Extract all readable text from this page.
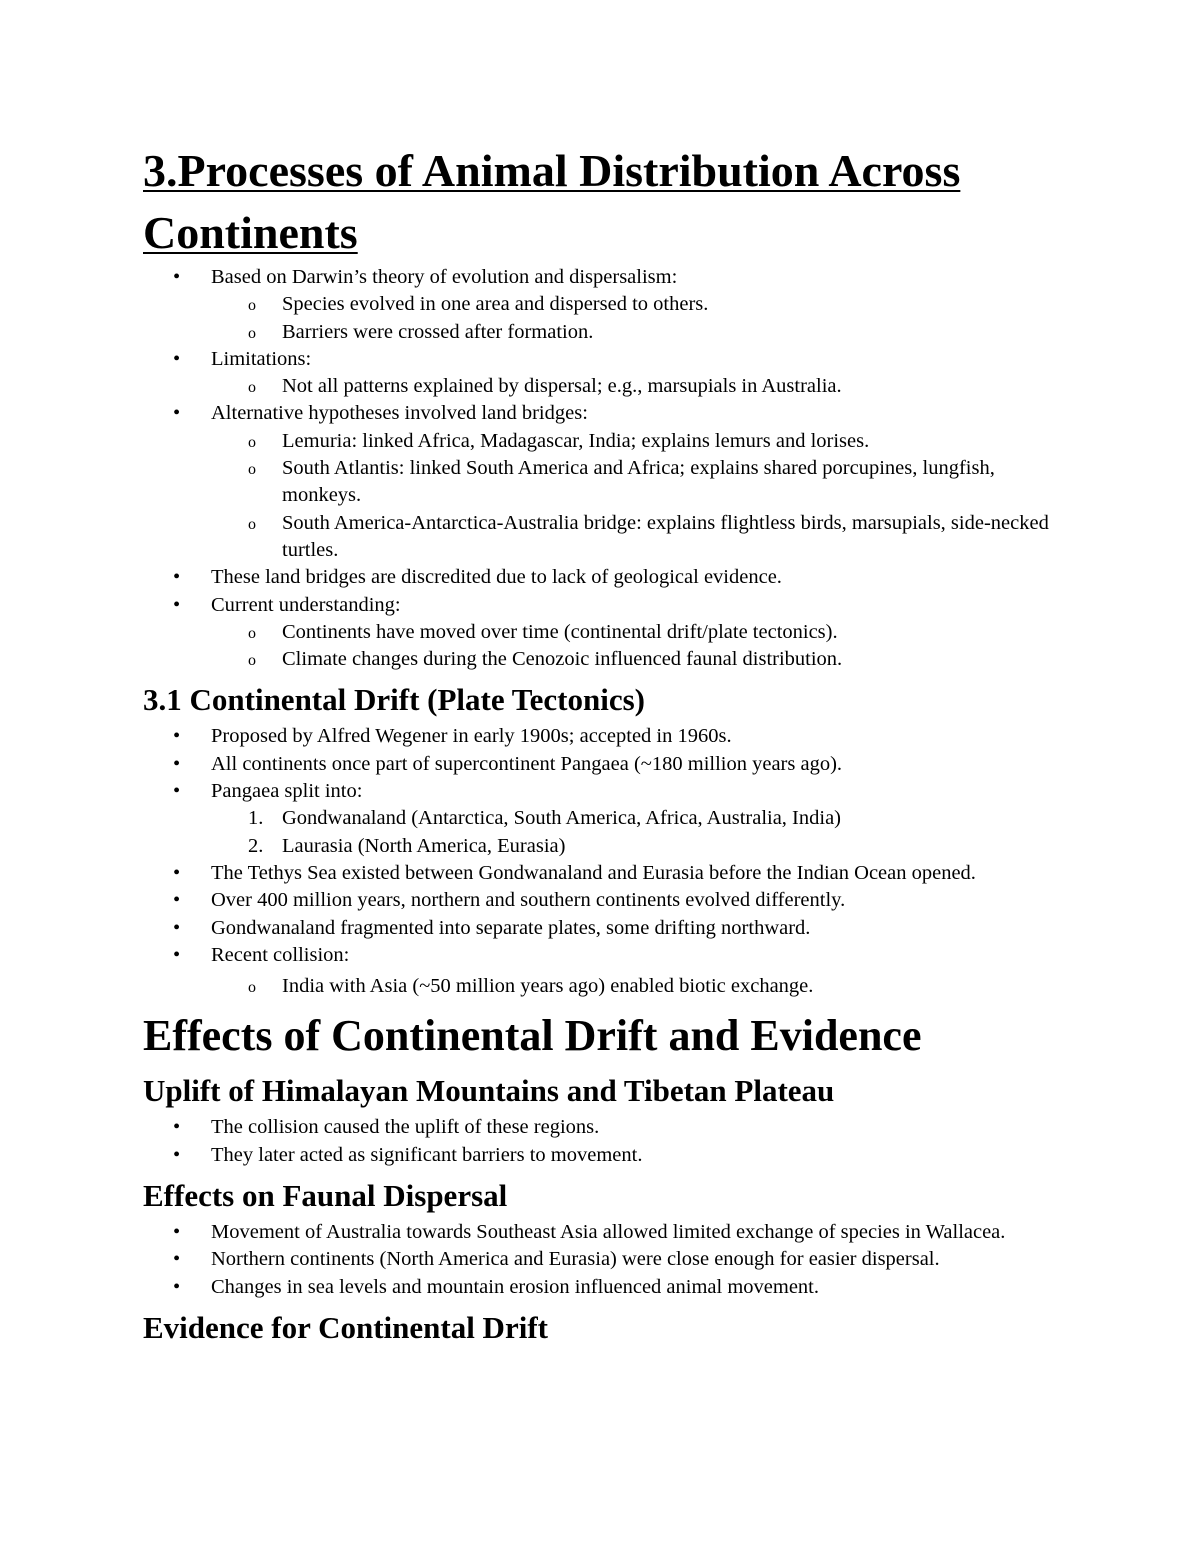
3.Processes of Animal Distribution Across Continents
• Based on Darwin’s theory of evolution and dispersalism:
o Species evolved in one area and dispersed to others.
o Barriers were crossed after formation.
• Limitations:
o Not all patterns explained by dispersal; e.g., marsupials in Australia.
• Alternative hypotheses involved land bridges:
o Lemuria: linked Africa, Madagascar, India; explains lemurs and lorises.
o South Atlantis: linked South America and Africa; explains shared porcupines, lungfish, monkeys.
o South America-Antarctica-Australia bridge: explains flightless birds, marsupials, side-necked turtles.
• These land bridges are discredited due to lack of geological evidence.
• Current understanding:
o Continents have moved over time (continental drift/plate tectonics).
o Climate changes during the Cenozoic influenced faunal distribution.
3.1 Continental Drift (Plate Tectonics)
• Proposed by Alfred Wegener in early 1900s; accepted in 1960s.
• All continents once part of supercontinent Pangaea (~180 million years ago).
• Pangaea split into:
1. Gondwanaland (Antarctica, South America, Africa, Australia, India)
2. Laurasia (North America, Eurasia)
• The Tethys Sea existed between Gondwanaland and Eurasia before the Indian Ocean opened.
• Over 400 million years, northern and southern continents evolved differently.
• Gondwanaland fragmented into separate plates, some drifting northward.
• Recent collision:
o India with Asia (~50 million years ago) enabled biotic exchange.
Effects of Continental Drift and Evidence
Uplift of Himalayan Mountains and Tibetan Plateau
• The collision caused the uplift of these regions.
• They later acted as significant barriers to movement.
Effects on Faunal Dispersal
• Movement of Australia towards Southeast Asia allowed limited exchange of species in Wallacea.
• Northern continents (North America and Eurasia) were close enough for easier dispersal.
• Changes in sea levels and mountain erosion influenced animal movement.
Evidence for Continental Drift
